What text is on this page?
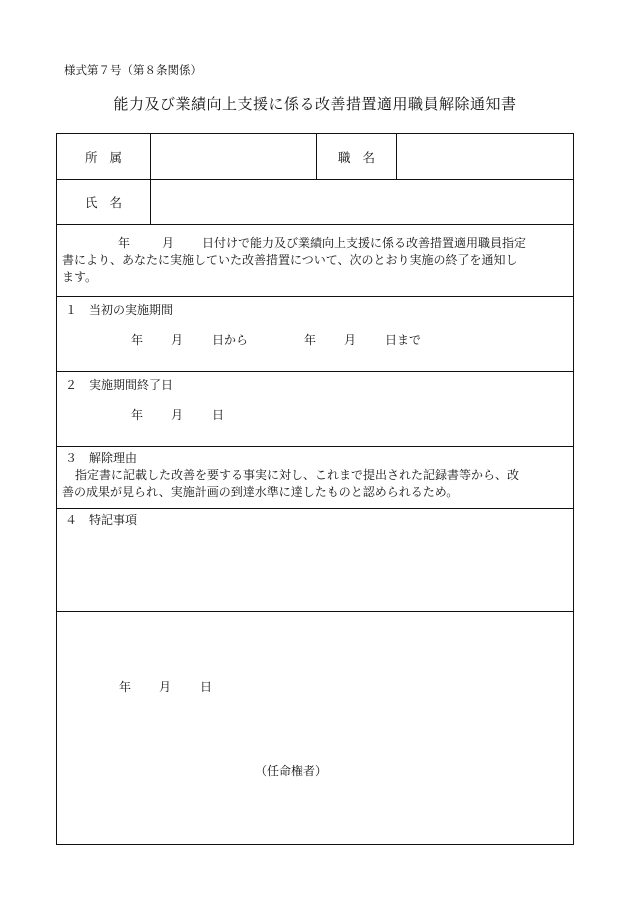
様式第７号（第８条関係）
能力及び業績向上支援に係る改善措置適用職員解除通知書
所属	職名
氏名
年	月 日付けで能力及び業績向上支援に係る改善措置適用職員指定
書により、あなたに実施していた改善措置について、次のとおり実施の終了を通知し
ます。
１　当初の実施期間
年 月 日から	年 月 日まで
２　実施期間終了日
年 月 日
３　解除理由
指定書に記載した改善を要する事実に対し、これまで提出された記録書等から、改
善の成果が見られ、実施計画の到達水準に達したものと認められるため。
４　特記事項
年 月 日
（任命権者）
